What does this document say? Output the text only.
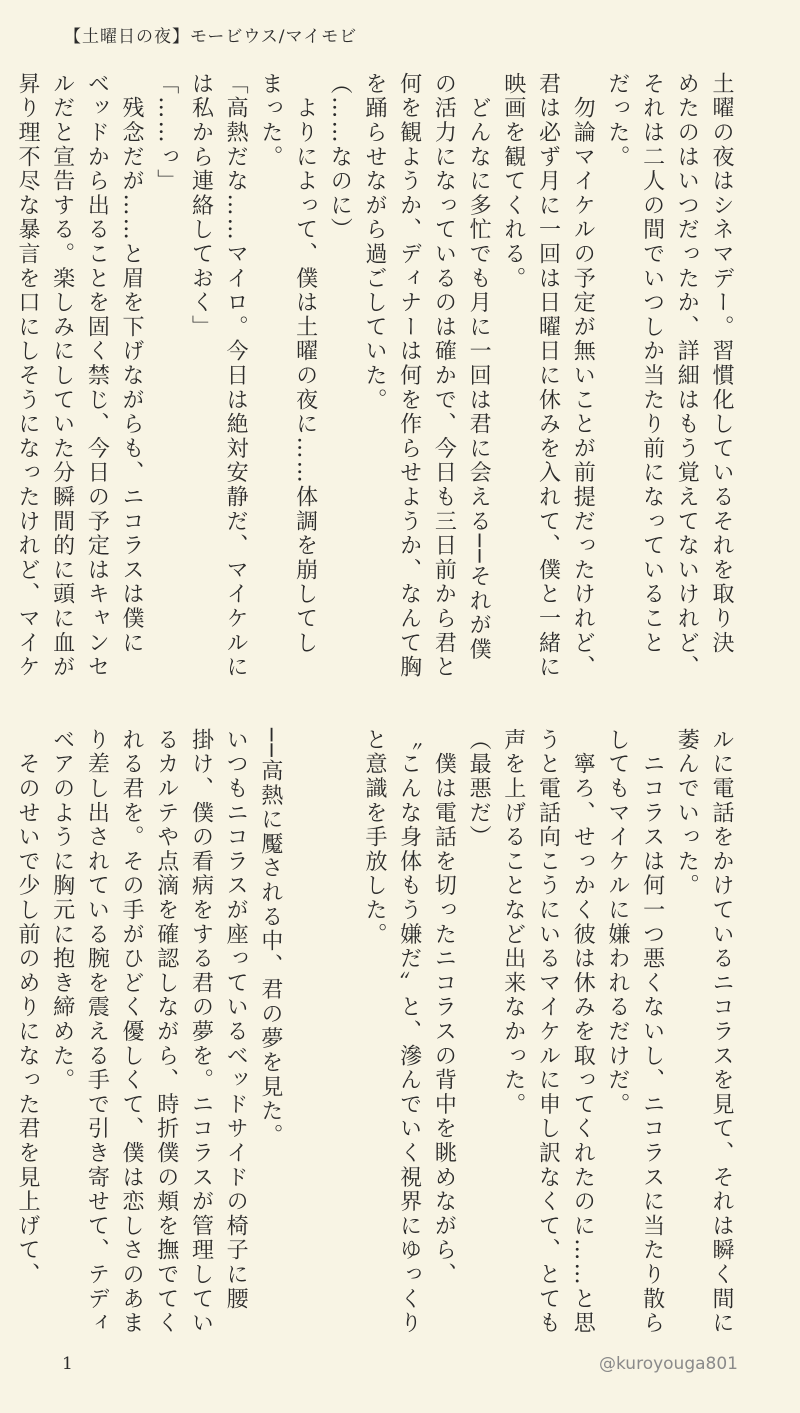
【土曜日の夜】モービウス/マイモビ

土曜の夜はシネマデー。習慣化しているそれを取り決

めたのはいつだったか、詳細はもう覚えてないけれど、

それは二人の間でいつしか当たり前になっていること

だった。

　勿論マイケルの予定が無いことが前提だったけれど、

君は必ず月に一回は日曜日に休みを入れて、僕と一緒に

映画を観てくれる。

　どんなに多忙でも月に一回は君に会える──それが僕

の活力になっているのは確かで、今日も三日前から君と

何を観ようか、ディナーは何を作らせようか、なんて胸

を踊らせながら過ごしていた。

（……なのに）

　よりによって、僕は土曜の夜に……体調を崩してし

まった。

「高熱だな……マイロ。今日は絶対安静だ、マイケルに

は私から連絡しておく」

「……っ」

　残念だが……と眉を下げながらも、ニコラスは僕に

ベッドから出ることを固く禁じ、今日の予定はキャンセ

ルだと宣告する。楽しみにしていた分瞬間的に頭に血が

昇り理不尽な暴言を口にしそうになったけれど、マイケ

ルに電話をかけているニコラスを見て、それは瞬く間に

萎んでいった。

　ニコラスは何一つ悪くないし、ニコラスに当たり散ら

してもマイケルに嫌われるだけだ。

　寧ろ、せっかく彼は休みを取ってくれたのに……と思

うと電話向こうにいるマイケルに申し訳なくて、とても

声を上げることなど出来なかった。

（最悪だ）

　僕は電話を切ったニコラスの背中を眺めながら、

〝こんな身体もう嫌だ〟と、滲んでいく視界にゆっくり

と意識を手放した。

──高熱に魘される中、君の夢を見た。

いつもニコラスが座っているベッドサイドの椅子に腰

掛け、僕の看病をする君の夢を。ニコラスが管理してい

るカルテや点滴を確認しながら、時折僕の頬を撫でてく

れる君を。その手がひどく優しくて、僕は恋しさのあま

り差し出されている腕を震える手で引き寄せて、テディ

ベアのように胸元に抱き締めた。

　そのせいで少し前のめりになった君を見上げて、

1	@kuroyouga801
